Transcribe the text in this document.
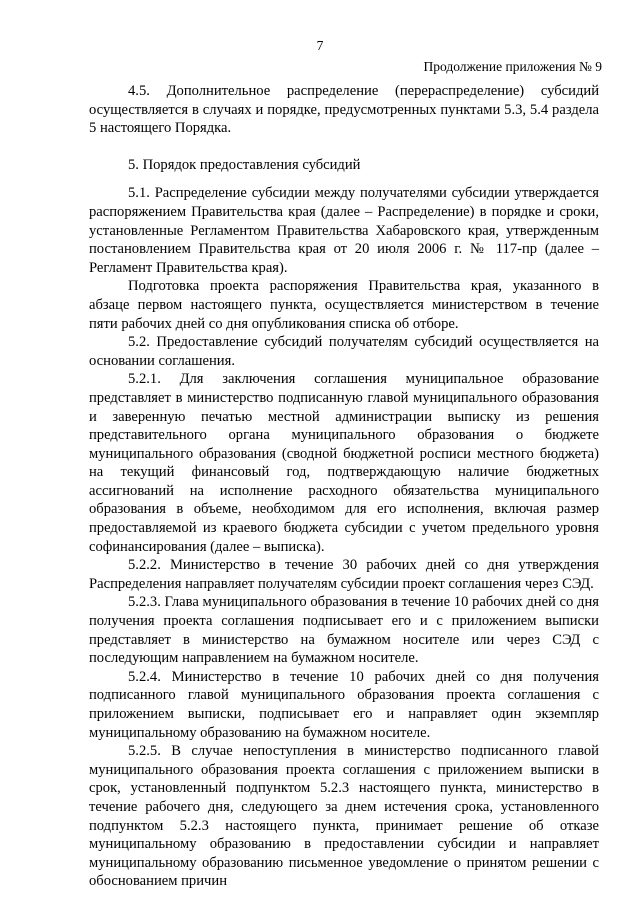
7
Продолжение приложения № 9

4.5. Дополнительное распределение (перераспределение) субсидий осуществляется в случаях и порядке, предусмотренных пунктами 5.3, 5.4 раздела 5 настоящего Порядка.

5. Порядок предоставления субсидий

5.1. Распределение субсидии между получателями субсидии утверждается распоряжением Правительства края (далее – Распределение) в порядке и сроки, установленные Регламентом Правительства Хабаровского края, утвержденным постановлением Правительства края от 20 июля 2006 г. № 117-пр (далее – Регламент Правительства края).

Подготовка проекта распоряжения Правительства края, указанного в абзаце первом настоящего пункта, осуществляется министерством в течение пяти рабочих дней со дня опубликования списка об отборе.

5.2. Предоставление субсидий получателям субсидий осуществляется на основании соглашения.

5.2.1. Для заключения соглашения муниципальное образование представляет в министерство подписанную главой муниципального образования и заверенную печатью местной администрации выписку из решения представительного органа муниципального образования о бюджете муниципального образования (сводной бюджетной росписи местного бюджета) на текущий финансовый год, подтверждающую наличие бюджетных ассигнований на исполнение расходного обязательства муниципального образования в объеме, необходимом для его исполнения, включая размер предоставляемой из краевого бюджета субсидии с учетом предельного уровня софинансирования (далее – выписка).

5.2.2. Министерство в течение 30 рабочих дней со дня утверждения Распределения направляет получателям субсидии проект соглашения через СЭД.

5.2.3. Глава муниципального образования в течение 10 рабочих дней со дня получения проекта соглашения подписывает его и с приложением выписки представляет в министерство на бумажном носителе или через СЭД с последующим направлением на бумажном носителе.

5.2.4. Министерство в течение 10 рабочих дней со дня получения подписанного главой муниципального образования проекта соглашения с приложением выписки, подписывает его и направляет один экземпляр муниципальному образованию на бумажном носителе.

5.2.5. В случае непоступления в министерство подписанного главой муниципального образования проекта соглашения с приложением выписки в срок, установленный подпунктом 5.2.3 настоящего пункта, министерство в течение рабочего дня, следующего за днем истечения срока, установленного подпунктом 5.2.3 настоящего пункта, принимает решение об отказе муниципальному образованию в предоставлении субсидии и направляет муниципальному образованию письменное уведомление о принятом решении с обоснованием причин
